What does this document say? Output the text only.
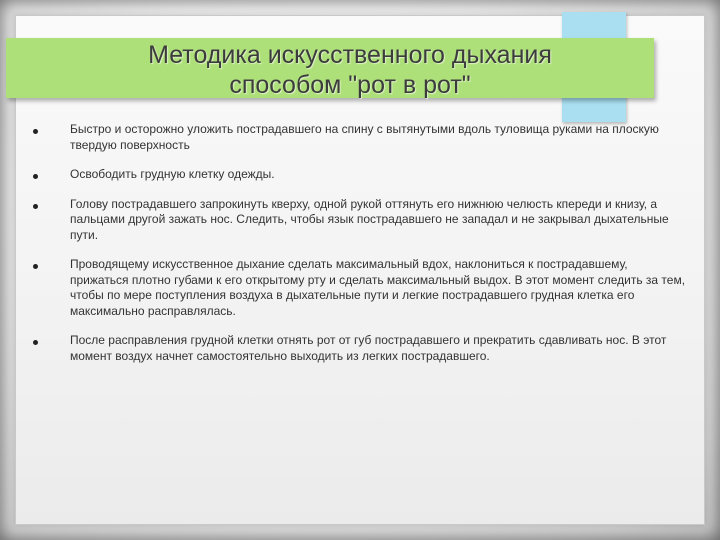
Методика искусственного дыхания
способом "рот в рот"
Быстро и осторожно уложить пострадавшего на спину с вытянутыми вдоль туловища руками на плоскую твердую поверхность
Освободить грудную клетку одежды.
Голову пострадавшего запрокинуть кверху, одной рукой оттянуть его нижнюю челюсть кпереди и книзу, а пальцами другой зажать нос. Следить, чтобы язык пострадавшего не западал и не закрывал дыхательные пути.
Проводящему искусственное дыхание сделать максимальный вдох, наклониться к пострадавшему, прижаться плотно губами к его открытому рту и сделать максимальный выдох. В этот момент следить за тем, чтобы по мере поступления воздуха в дыхательные пути и легкие пострадавшего грудная клетка его максимально расправлялась.
После расправления грудной клетки отнять рот от губ пострадавшего и прекратить сдавливать нос. В этот момент воздух начнет самостоятельно выходить из легких пострадавшего.
